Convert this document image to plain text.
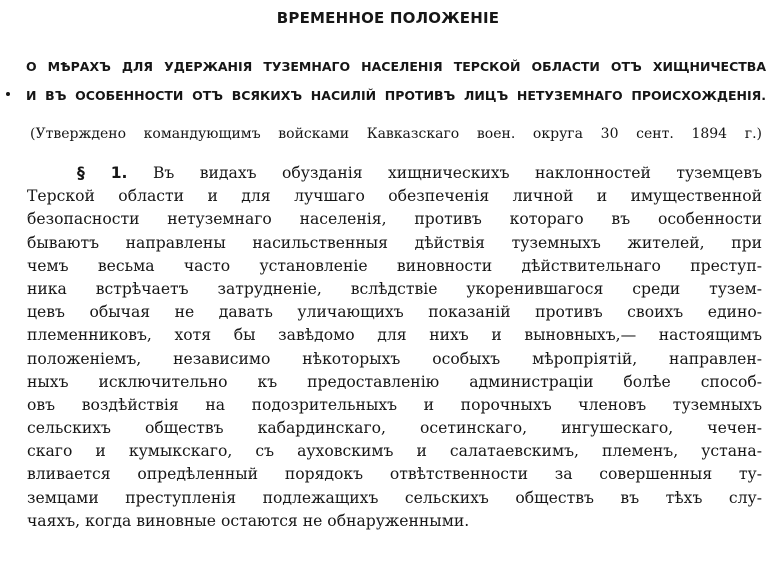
ВРЕМЕННОЕ ПОЛОЖЕНІЕ
О МѢРАХЪ ДЛЯ УДЕРЖАНІЯ ТУЗЕМНАГО НАСЕЛЕНІЯ ТЕРСКОЙ ОБЛАСТИ ОТЪ ХИЩНИЧЕСТВА
И ВЪ ОСОБЕННОСТИ ОТЪ ВСЯКИХЪ НАСИЛІЙ ПРОТИВЪ ЛИЦЪ НЕТУЗЕМНАГО ПРОИСХОЖДЕНІЯ.
(Утверждено командующимъ войсками Кавказскаго воен. округа 30 сент. 1894 г.)
§ 1. Въ видахъ обузданія хищническихъ наклонностей туземцевъ
Терской области и для лучшаго обезпеченія личной и имущественной
безопасности нетуземнаго населенія, противъ котораго въ особенности
бываютъ направлены насильственныя дѣйствія туземныхъ жителей, при
чемъ весьма часто установленіе виновности дѣйствительнаго преступ-
ника встрѣчаетъ затрудненіе, вслѣдствіе укоренившагося среди тузем-
цевъ обычая не давать уличающихъ показаній противъ своихъ едино-
племенниковъ, хотя бы завѣдомо для нихъ и выновныхъ,— настоящимъ
положеніемъ, независимо нѣкоторыхъ особыхъ мѣропріятій, направлен-
ныхъ исключительно къ предоставленію администраціи болѣе способ-
овъ воздѣйствія на подозрительныхъ и порочныхъ членовъ туземныхъ
сельскихъ обществъ кабардинскаго, осетинскаго, ингушескаго, чечен-
скаго и кумыкскаго, съ ауховскимъ и салатаевскимъ, племенъ, устана-
вливается опредѣленный порядокъ отвѣтственности за совершенныя ту-
земцами преступленія подлежащихъ сельскихъ обществъ въ тѣхъ слу-
чаяхъ, когда виновные остаются не обнаруженными.
